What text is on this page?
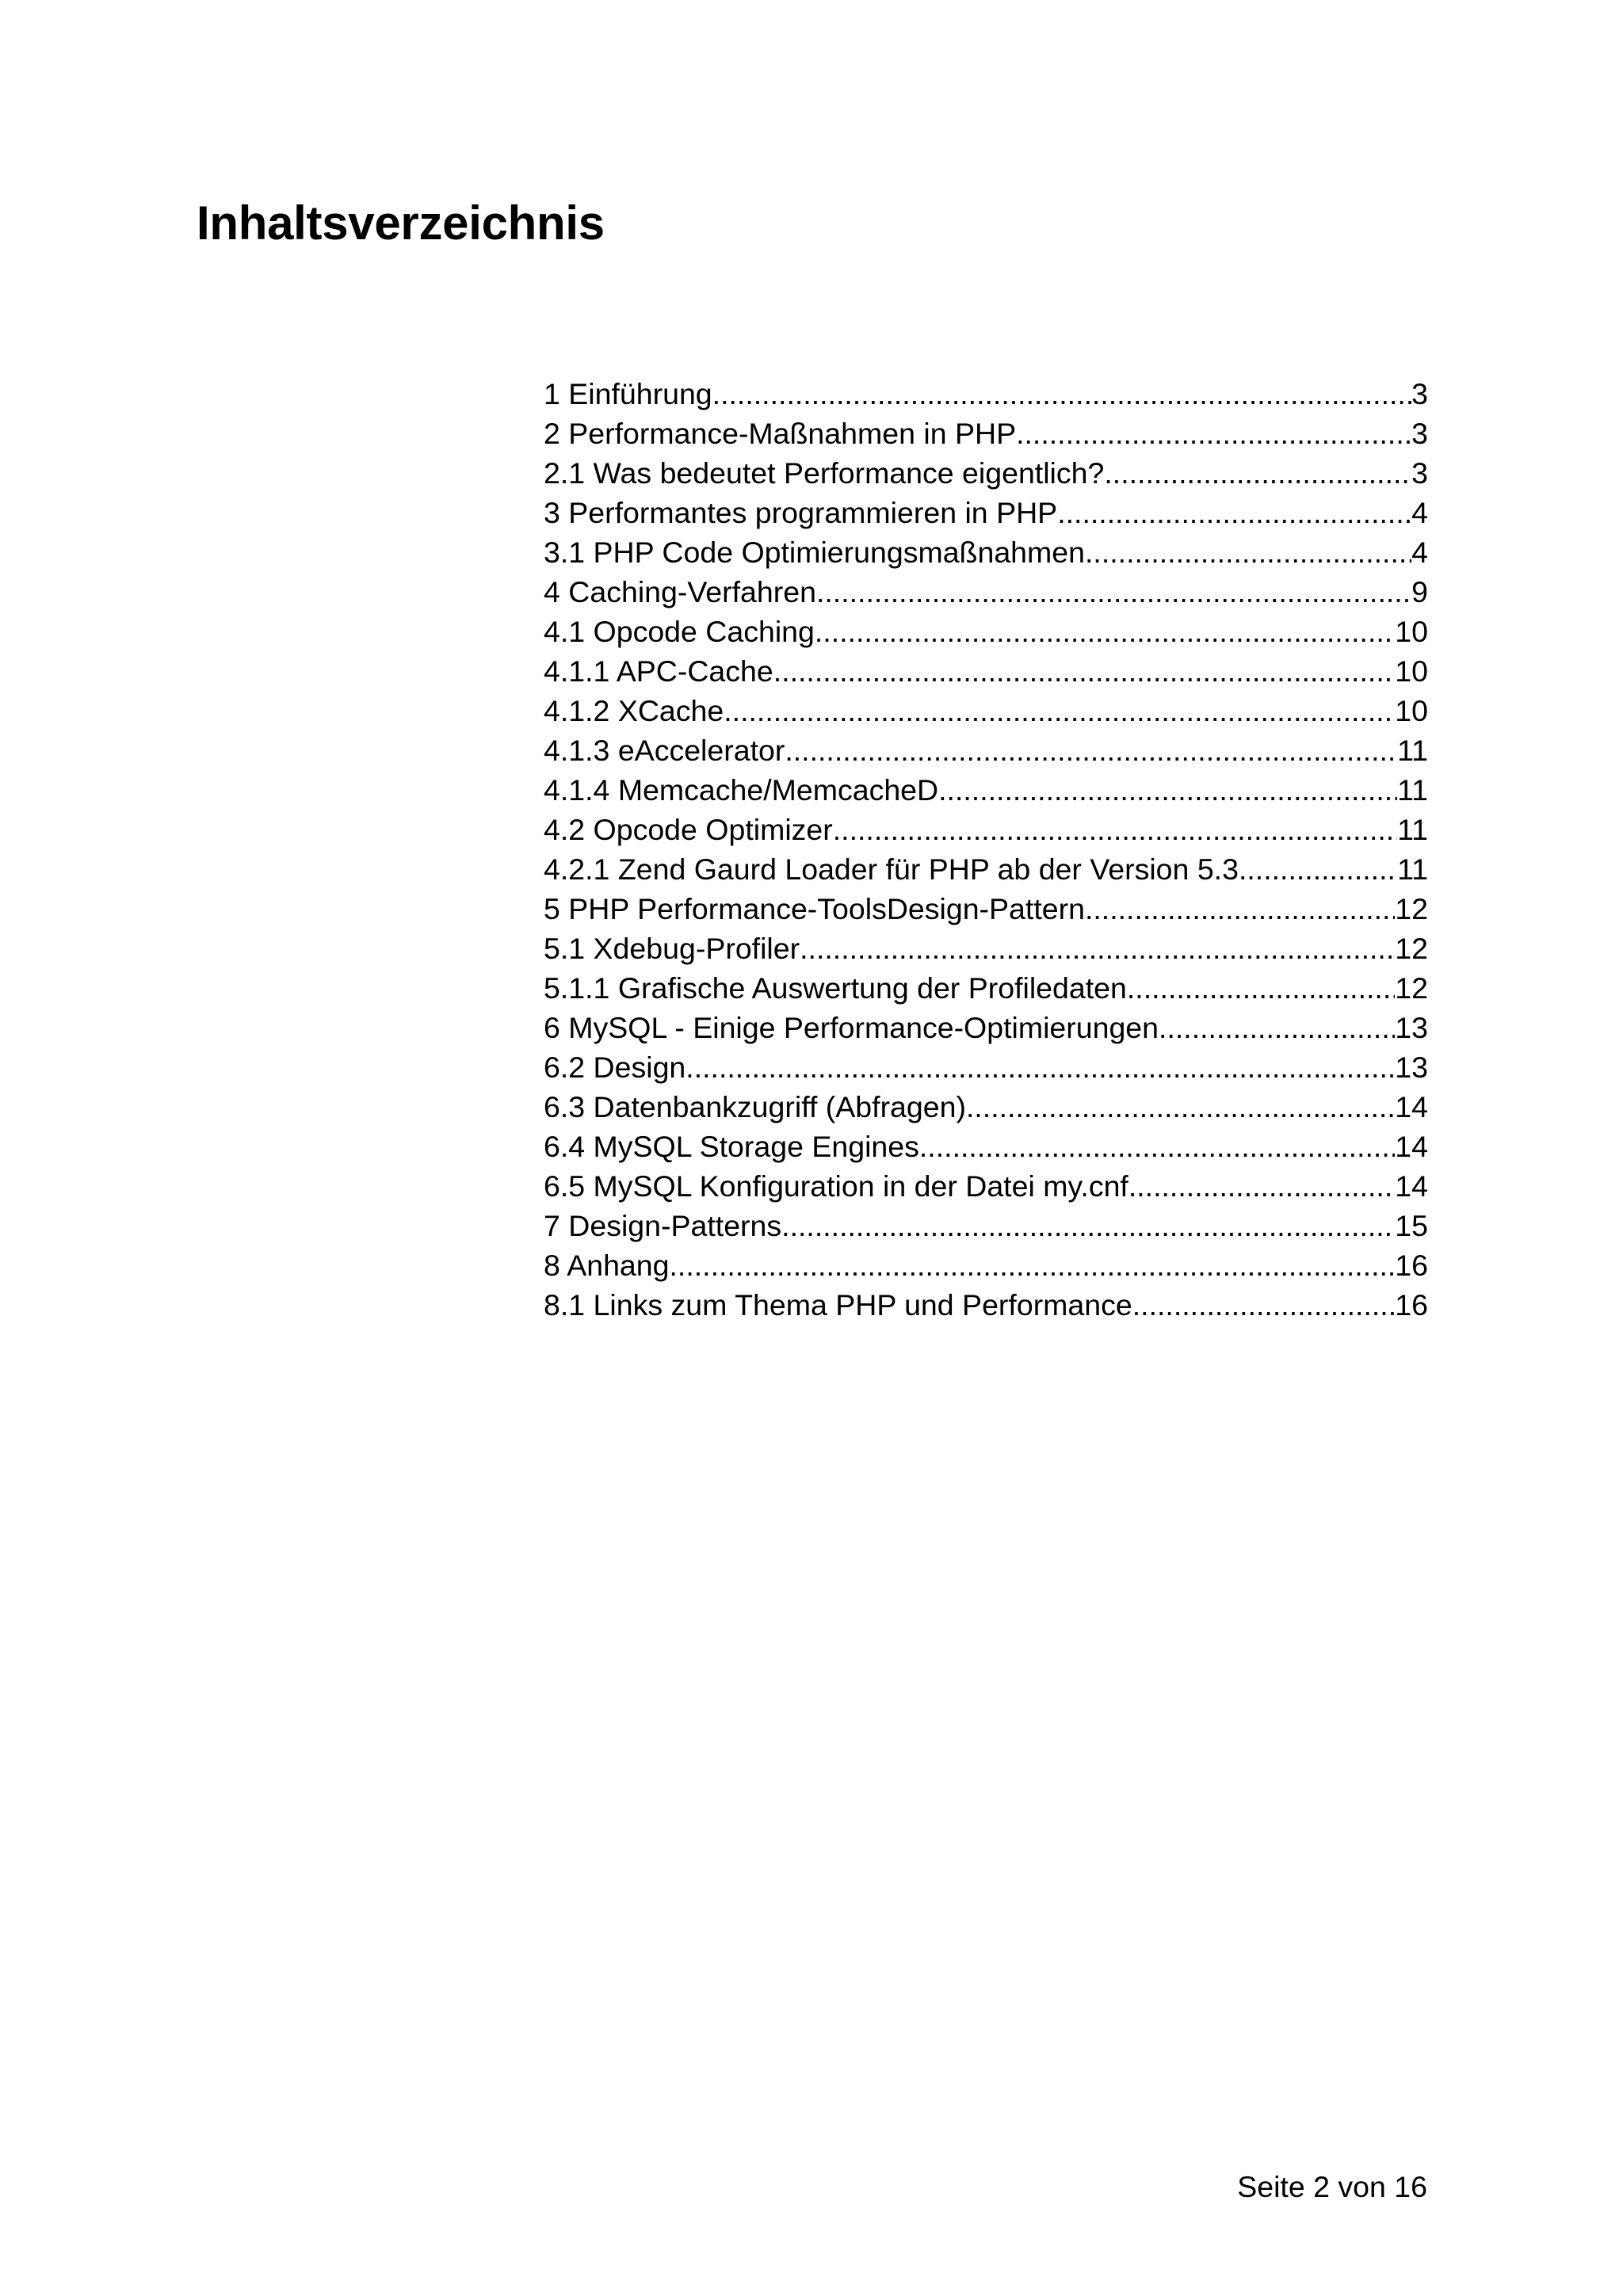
Inhaltsverzeichnis
1 Einführung .....	3
2 Performance-Maßnahmen in PHP .....	3
2.1 Was bedeutet Performance eigentlich? .....	3
3 Performantes programmieren in PHP .....	4
3.1 PHP Code Optimierungsmaßnahmen .....	4
4 Caching-Verfahren .....	9
4.1 Opcode Caching .....	10
4.1.1 APC-Cache .....	10
4.1.2 XCache .....	10
4.1.3 eAccelerator .....	11
4.1.4 Memcache/MemcacheD .....	11
4.2 Opcode Optimizer .....	11
4.2.1 Zend Gaurd Loader für PHP ab der Version 5.3 .....	11
5 PHP Performance-ToolsDesign-Pattern .....	12
5.1 Xdebug-Profiler .....	12
5.1.1 Grafische Auswertung der Profiledaten .....	12
6 MySQL - Einige Performance-Optimierungen .....	13
6.2 Design .....	13
6.3 Datenbankzugriff (Abfragen) .....	14
6.4 MySQL Storage Engines .....	14
6.5 MySQL Konfiguration in der Datei my.cnf .....	14
7 Design-Patterns .....	15
8 Anhang .....	16
8.1 Links zum Thema PHP und Performance .....	16
Seite 2 von 16
